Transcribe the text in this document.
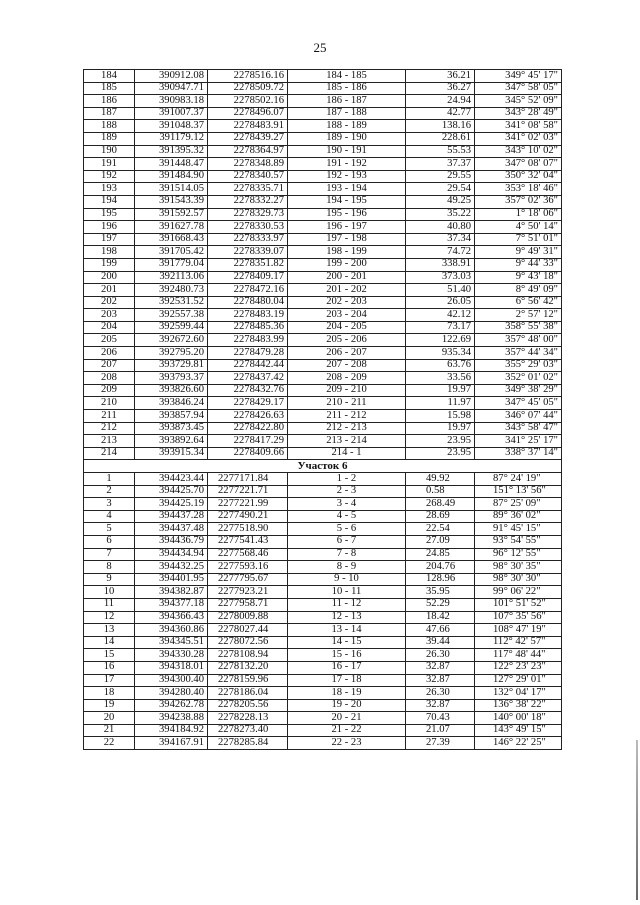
25
184	390912.08	2278516.16	184 - 185	36.21	349° 45' 17"
185	390947.71	2278509.72	185 - 186	36.27	347° 58' 05"
186	390983.18	2278502.16	186 - 187	24.94	345° 52' 09"
187	391007.37	2278496.07	187 - 188	42.77	343° 28' 49"
188	391048.37	2278483.91	188 - 189	138.16	341° 08' 58"
189	391179.12	2278439.27	189 - 190	228.61	341° 02' 03"
190	391395.32	2278364.97	190 - 191	55.53	343° 10' 02"
191	391448.47	2278348.89	191 - 192	37.37	347° 08' 07"
192	391484.90	2278340.57	192 - 193	29.55	350° 32' 04"
193	391514.05	2278335.71	193 - 194	29.54	353° 18' 46"
194	391543.39	2278332.27	194 - 195	49.25	357° 02' 36"
195	391592.57	2278329.73	195 - 196	35.22	1° 18' 06"
196	391627.78	2278330.53	196 - 197	40.80	4° 50' 14"
197	391668.43	2278333.97	197 - 198	37.34	7° 51' 01"
198	391705.42	2278339.07	198 - 199	74.72	9° 49' 31"
199	391779.04	2278351.82	199 - 200	338.91	9° 44' 33"
200	392113.06	2278409.17	200 - 201	373.03	9° 43' 18"
201	392480.73	2278472.16	201 - 202	51.40	8° 49' 09"
202	392531.52	2278480.04	202 - 203	26.05	6° 56' 42"
203	392557.38	2278483.19	203 - 204	42.12	2° 57' 12"
204	392599.44	2278485.36	204 - 205	73.17	358° 55' 38"
205	392672.60	2278483.99	205 - 206	122.69	357° 48' 00"
206	392795.20	2278479.28	206 - 207	935.34	357° 44' 34"
207	393729.81	2278442.44	207 - 208	63.76	355° 29' 03"
208	393793.37	2278437.42	208 - 209	33.56	352° 01' 02"
209	393826.60	2278432.76	209 - 210	19.97	349° 38' 29"
210	393846.24	2278429.17	210 - 211	11.97	347° 45' 05"
211	393857.94	2278426.63	211 - 212	15.98	346° 07' 44"
212	393873.45	2278422.80	212 - 213	19.97	343° 58' 47"
213	393892.64	2278417.29	213 - 214	23.95	341° 25' 17"
214	393915.34	2278409.66	214 - 1	23.95	338° 37' 14"
Участок 6					
1	394423.44	2277171.84	1 - 2	49.92	87° 24' 19"
2	394425.70	2277221.71	2 - 3	0.58	151° 13' 56"
3	394425.19	2277221.99	3 - 4	268.49	87° 25' 09"
4	394437.28	2277490.21	4 - 5	28.69	89° 36' 02"
5	394437.48	2277518.90	5 - 6	22.54	91° 45' 15"
6	394436.79	2277541.43	6 - 7	27.09	93° 54' 55"
7	394434.94	2277568.46	7 - 8	24.85	96° 12' 55"
8	394432.25	2277593.16	8 - 9	204.76	98° 30' 35"
9	394401.95	2277795.67	9 - 10	128.96	98° 30' 30"
10	394382.87	2277923.21	10 - 11	35.95	99° 06' 22"
11	394377.18	2277958.71	11 - 12	52.29	101° 51' 52"
12	394366.43	2278009.88	12 - 13	18.42	107° 35' 56"
13	394360.86	2278027.44	13 - 14	47.66	108° 47' 19"
14	394345.51	2278072.56	14 - 15	39.44	112° 42' 57"
15	394330.28	2278108.94	15 - 16	26.30	117° 48' 44"
16	394318.01	2278132.20	16 - 17	32.87	122° 23' 23"
17	394300.40	2278159.96	17 - 18	32.87	127° 29' 01"
18	394280.40	2278186.04	18 - 19	26.30	132° 04' 17"
19	394262.78	2278205.56	19 - 20	32.87	136° 38' 22"
20	394238.88	2278228.13	20 - 21	70.43	140° 00' 18"
21	394184.92	2278273.40	21 - 22	21.07	143° 49' 15"
22	394167.91	2278285.84	22 - 23	27.39	146° 22' 25"
